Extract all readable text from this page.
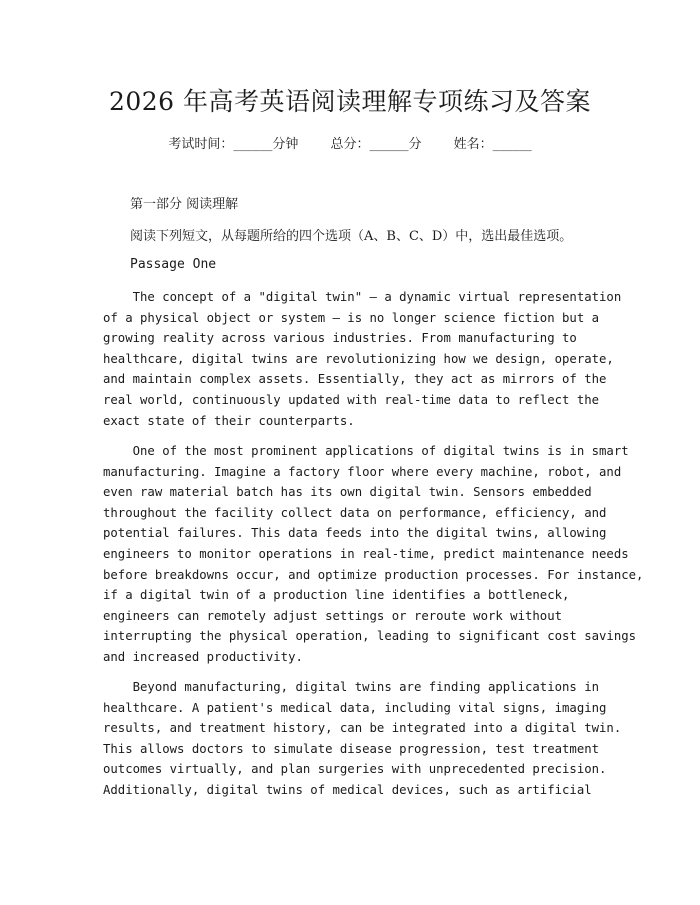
2026 年高考英语阅读理解专项练习及答案
考试时间：______分钟 总分：______分 姓名：______
第一部分 阅读理解
阅读下列短文，从每题所给的四个选项（A、B、C、D）中，选出最佳选项。
Passage One
The concept of a "digital twin" – a dynamic virtual representation
of a physical object or system – is no longer science fiction but a
growing reality across various industries. From manufacturing to
healthcare, digital twins are revolutionizing how we design, operate,
and maintain complex assets. Essentially, they act as mirrors of the
real world, continuously updated with real-time data to reflect the
exact state of their counterparts.
One of the most prominent applications of digital twins is in smart
manufacturing. Imagine a factory floor where every machine, robot, and
even raw material batch has its own digital twin. Sensors embedded
throughout the facility collect data on performance, efficiency, and
potential failures. This data feeds into the digital twins, allowing
engineers to monitor operations in real-time, predict maintenance needs
before breakdowns occur, and optimize production processes. For instance,
if a digital twin of a production line identifies a bottleneck,
engineers can remotely adjust settings or reroute work without
interrupting the physical operation, leading to significant cost savings
and increased productivity.
Beyond manufacturing, digital twins are finding applications in
healthcare. A patient's medical data, including vital signs, imaging
results, and treatment history, can be integrated into a digital twin.
This allows doctors to simulate disease progression, test treatment
outcomes virtually, and plan surgeries with unprecedented precision.
Additionally, digital twins of medical devices, such as artificial
